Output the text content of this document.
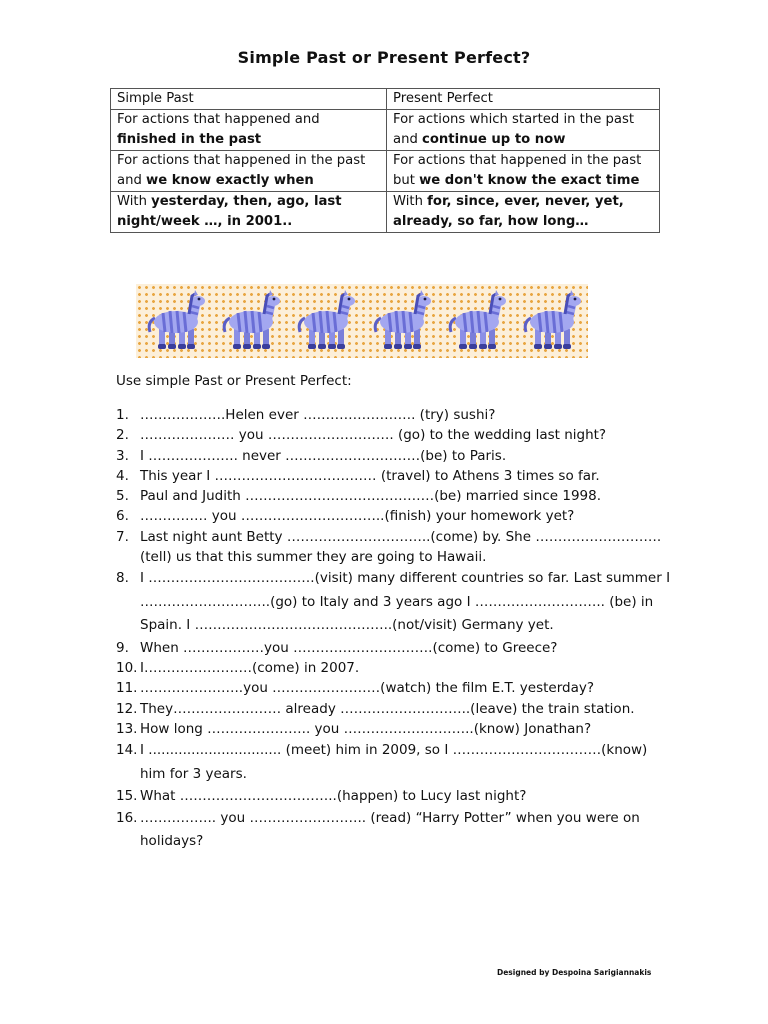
Simple Past or Present Perfect?
Simple Past	Present Perfect
For actions that happened and finished in the past	For actions which started in the past and continue up to now
For actions that happened in the past and we know exactly when	For actions that happened in the past but we don't know the exact time
With yesterday, then, ago, last night/week …, in 2001..	With for, since, ever, never, yet, already, so far, how long…
Use simple Past or Present Perfect:
1. ……………….Helen ever ……………………. (try) sushi?
2. ………………… you ………………………. (go) to the wedding last night?
3. I ……………….. never …………………………(be) to Paris.
4. This year I ……………………………… (travel) to Athens 3 times so far.
5. Paul and Judith ……………………………………(be) married since 1998.
6. …………… you …………………………..(finish) your homework yet?
7. Last night aunt Betty …………………………..(come) by. She ……………………….(tell) us that this summer they are going to Hawaii.
8. I ……………………………….(visit) many different countries so far. Last summer I ………………………..(go) to Italy and 3 years ago I ……………………….. (be) in Spain. I ……………………………………..(not/visit) Germany yet.
9. When ………………you ………………………….(come) to Greece?
10. I……………………(come) in 2007.
11. …………………..you ……………………(watch) the film E.T. yesterday?
12. They…………………… already ………………………..(leave) the train station.
13. How long ………………….. you ………………………..(know) Jonathan?
14. I ............................... (meet) him in 2009, so I ……………………………(know) him for 3 years.
15. What ……………………………..(happen) to Lucy last night?
16. …………….. you …………………….. (read) “Harry Potter” when you were on holidays?
Designed by Despoina Sarigiannakis
